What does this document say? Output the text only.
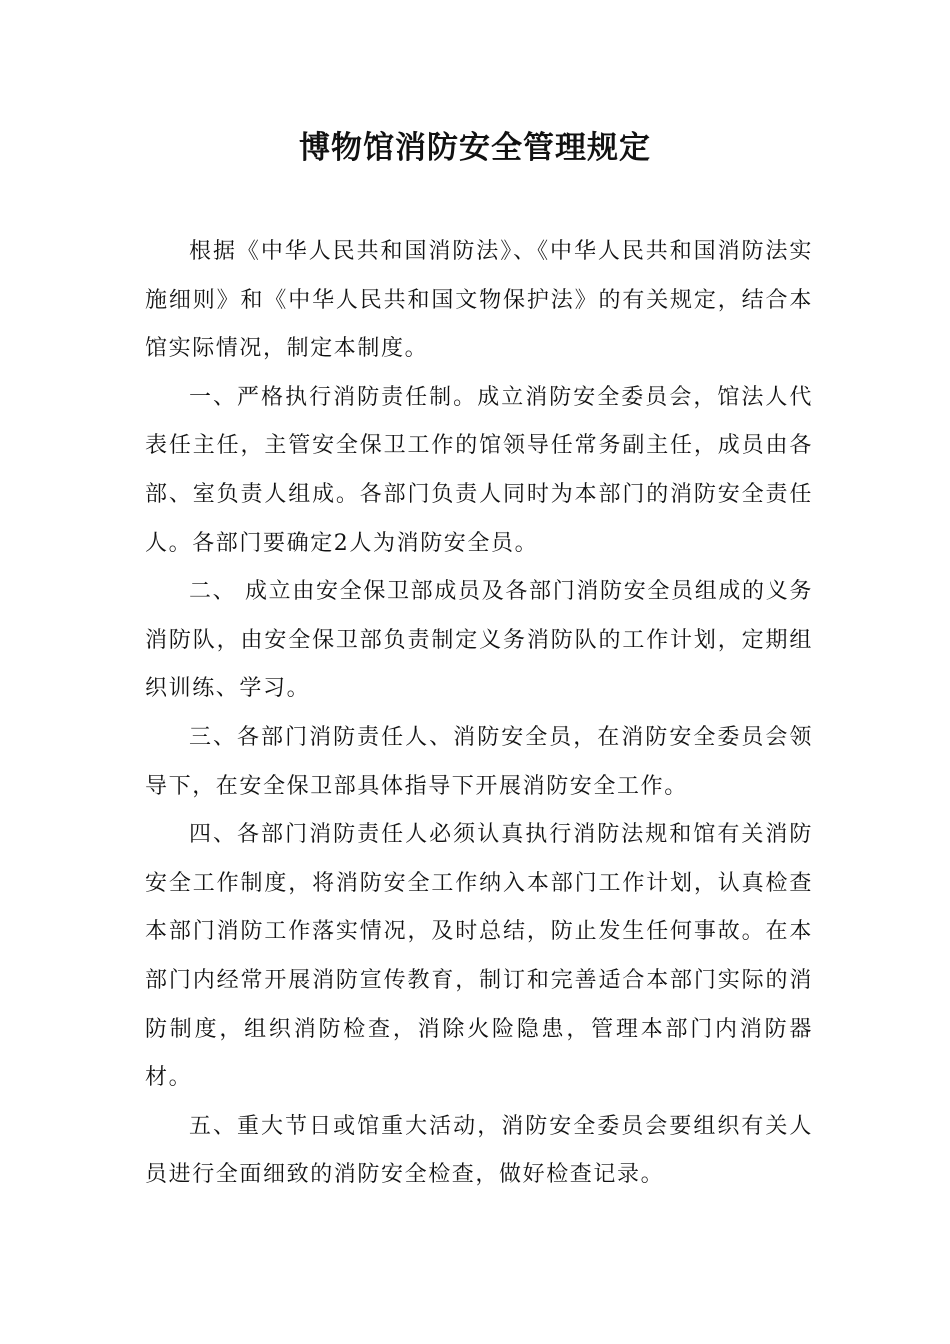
博物馆消防安全管理规定

根据《中华人民共和国消防法》、《中华人民共和国消防法实施细则》和《中华人民共和国文物保护法》的有关规定，结合本馆实际情况，制定本制度。

一、严格执行消防责任制。成立消防安全委员会，馆法人代表任主任，主管安全保卫工作的馆领导任常务副主任，成员由各部、室负责人组成。各部门负责人同时为本部门的消防安全责任人。各部门要确定2人为消防安全员。

二、 成立由安全保卫部成员及各部门消防安全员组成的义务消防队，由安全保卫部负责制定义务消防队的工作计划，定期组织训练、学习。

三、各部门消防责任人、消防安全员，在消防安全委员会领导下，在安全保卫部具体指导下开展消防安全工作。

四、各部门消防责任人必须认真执行消防法规和馆有关消防安全工作制度，将消防安全工作纳入本部门工作计划，认真检查本部门消防工作落实情况，及时总结，防止发生任何事故。在本部门内经常开展消防宣传教育，制订和完善适合本部门实际的消防制度，组织消防检查，消除火险隐患，管理本部门内消防器材。

五、重大节日或馆重大活动，消防安全委员会要组织有关人员进行全面细致的消防安全检查，做好检查记录。
